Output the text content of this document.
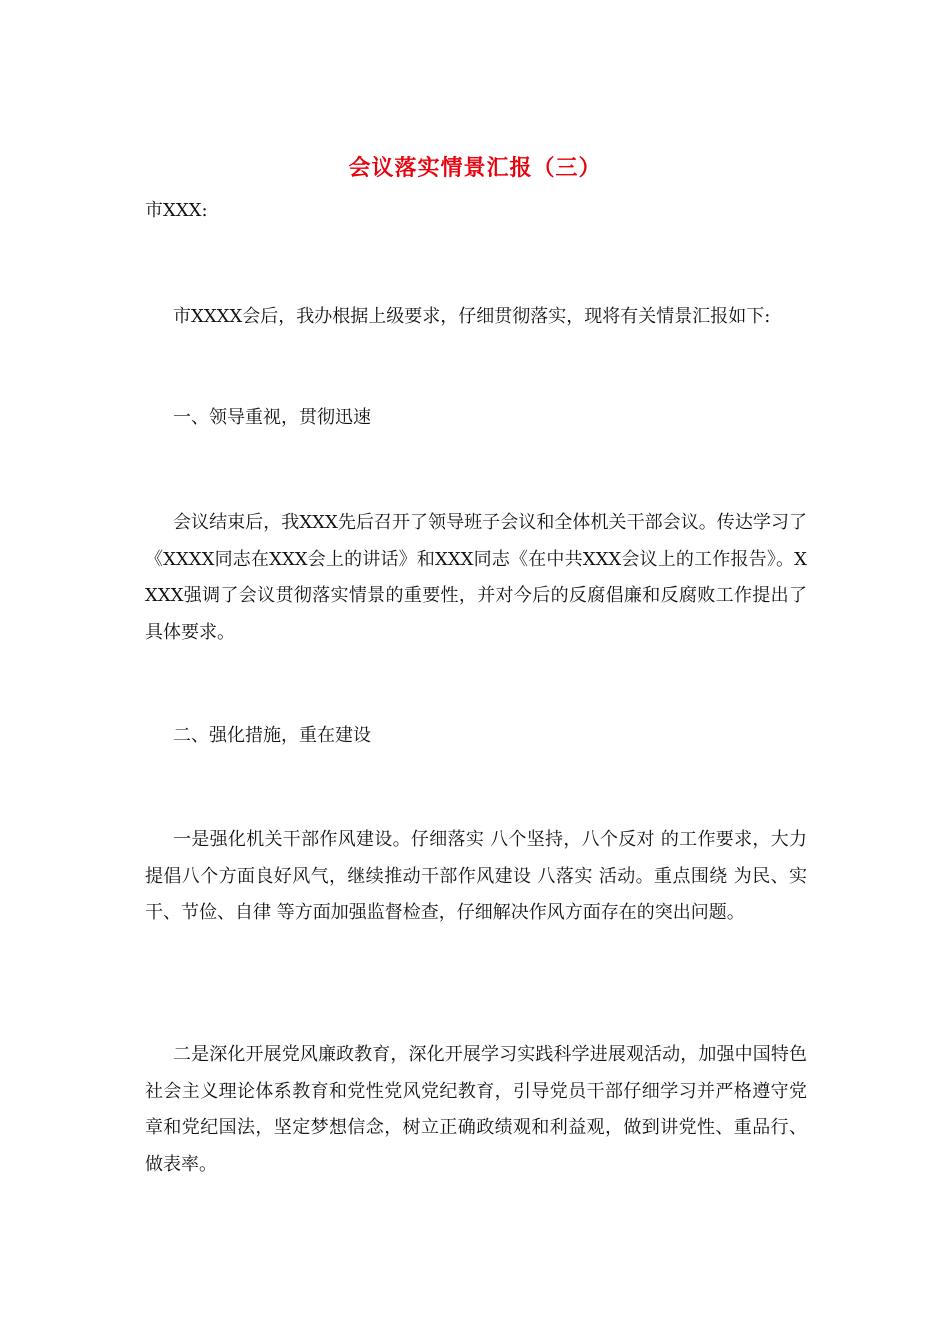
会议落实情景汇报（三）

市XXX:

市XXXX会后，我办根据上级要求，仔细贯彻落实，现将有关情景汇报如下:

一、领导重视，贯彻迅速

会议结束后，我XXX先后召开了领导班子会议和全体机关干部会议。传达学习了《XXXX同志在XXX会上的讲话》和XXX同志《在中共XXX会议上的工作报告》。XXXX强调了会议贯彻落实情景的重要性，并对今后的反腐倡廉和反腐败工作提出了具体要求。

二、强化措施，重在建设

一是强化机关干部作风建设。仔细落实 八个坚持，八个反对 的工作要求，大力提倡八个方面良好风气，继续推动干部作风建设 八落实 活动。重点围绕 为民、实干、节俭、自律 等方面加强监督检查，仔细解决作风方面存在的突出问题。

二是深化开展党风廉政教育，深化开展学习实践科学进展观活动，加强中国特色社会主义理论体系教育和党性党风党纪教育，引导党员干部仔细学习并严格遵守党章和党纪国法，坚定梦想信念，树立正确政绩观和利益观，做到讲党性、重品行、做表率。
